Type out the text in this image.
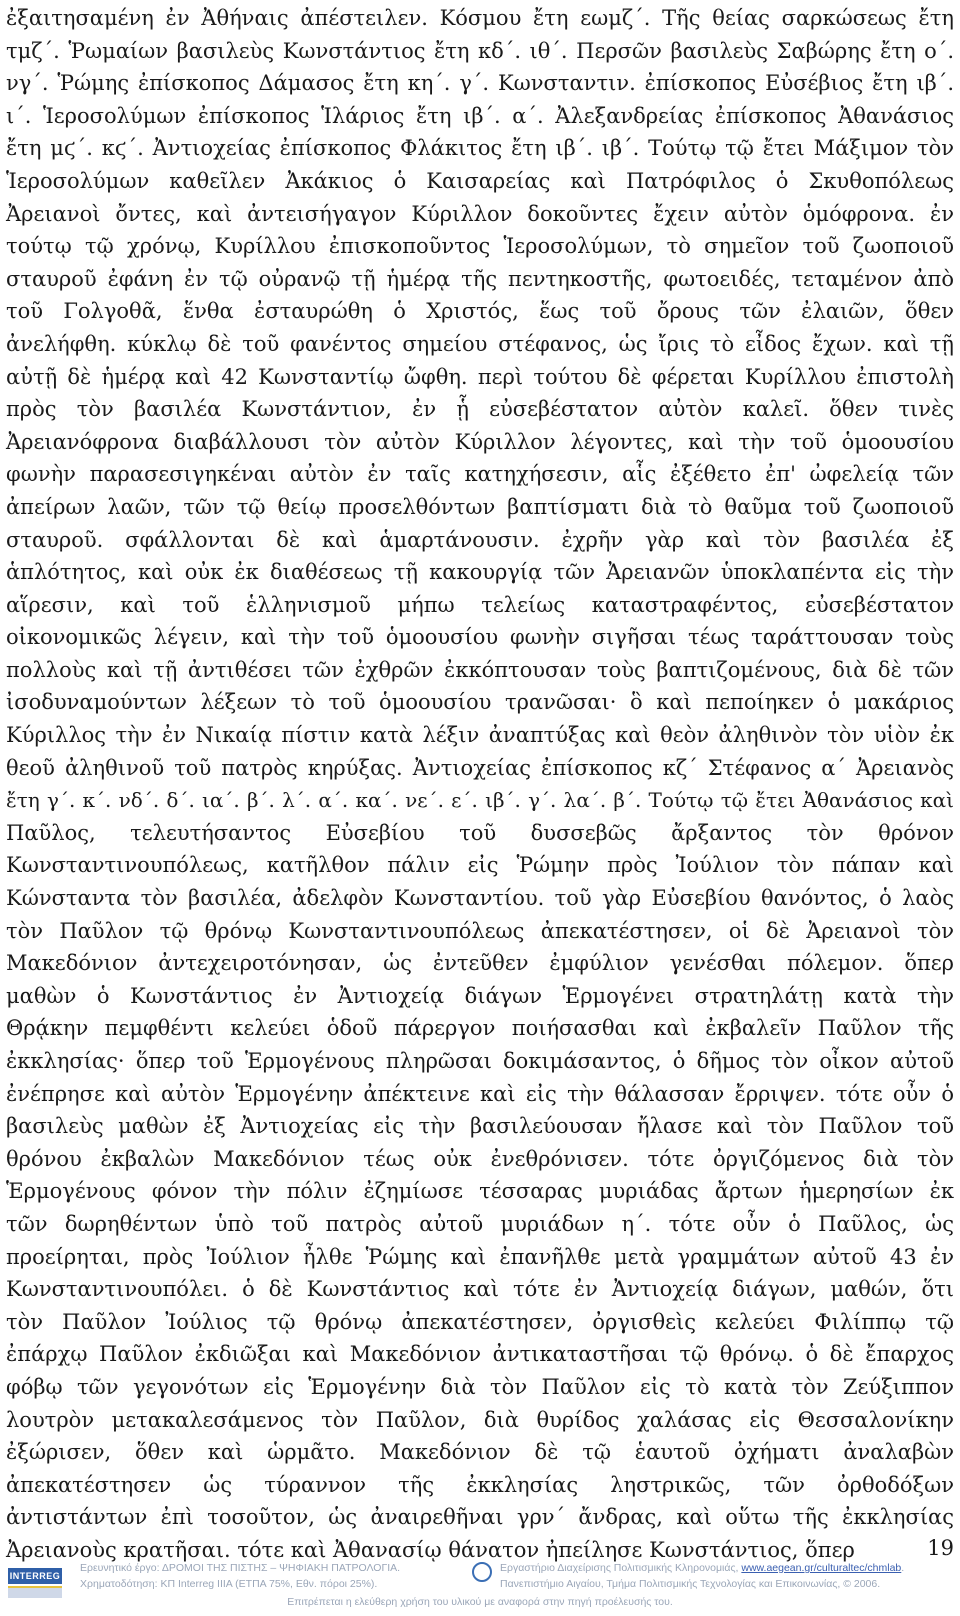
ἐξαιτησαμένη ἐν Ἀθήναις ἀπέστειλεν. Κόσμου ἔτη εωμζ΄. Τῆς θείας σαρκώσεως ἔτη
τμζ΄. Ῥωμαίων βασιλεὺς Κωνστάντιος ἔτη κδ΄. ιθ΄. Περσῶν βασιλεὺς Σαβώρης ἔτη ο΄.
νγ΄. Ῥώμης ἐπίσκοπος Δάμασος ἔτη κη΄. γ΄. Κωνσταντιν. ἐπίσκοπος Εὐσέβιος ἔτη ιβ΄.
ι΄. Ἱεροσολύμων ἐπίσκοπος Ἱλάριος ἔτη ιβ΄. α΄. Ἀλεξανδρείας ἐπίσκοπος Ἀθανάσιος
ἔτη μϛ΄. κϛ΄. Ἀντιοχείας ἐπίσκοπος Φλάκιτος ἔτη ιβ΄. ιβ΄. Τούτῳ τῷ ἔτει Μάξιμον τὸν
Ἱεροσολύμων καθεῖλεν Ἀκάκιος ὁ Καισαρείας καὶ Πατρόφιλος ὁ Σκυθοπόλεως
Ἀρειανοὶ ὄντες, καὶ ἀντεισήγαγον Κύριλλον δοκοῦντες ἔχειν αὐτὸν ὁμόφρονα. ἐν
τούτῳ τῷ χρόνῳ, Κυρίλλου ἐπισκοποῦντος Ἱεροσολύμων, τὸ σημεῖον τοῦ ζωοποιοῦ
σταυροῦ ἐφάνη ἐν τῷ οὐρανῷ τῇ ἡμέρᾳ τῆς πεντηκοστῆς, φωτοειδές, τεταμένον ἀπὸ
τοῦ Γολγοθᾶ, ἕνθα ἐσταυρώθη ὁ Χριστός, ἕως τοῦ ὄρους τῶν ἐλαιῶν, ὅθεν
ἀνελήφθη. κύκλῳ δὲ τοῦ φανέντος σημείου στέφανος, ὡς ἴρις τὸ εἶδος ἔχων. καὶ τῇ
αὐτῇ δὲ ἡμέρᾳ καὶ 42 Κωνσταντίῳ ὤφθη. περὶ τούτου δὲ φέρεται Κυρίλλου ἐπιστολὴ
πρὸς τὸν βασιλέα Κωνστάντιον, ἐν ᾗ εὐσεβέστατον αὐτὸν καλεῖ. ὅθεν τινὲς
Ἀρειανόφρονα διαβάλλουσι τὸν αὐτὸν Κύριλλον λέγοντες, καὶ τὴν τοῦ ὁμοουσίου
φωνὴν παρασεσιγηκέναι αὐτὸν ἐν ταῖς κατηχήσεσιν, αἷς ἐξέθετο ἐπ' ὠφελείᾳ τῶν
ἀπείρων λαῶν, τῶν τῷ θείῳ προσελθόντων βαπτίσματι διὰ τὸ θαῦμα τοῦ ζωοποιοῦ
σταυροῦ. σφάλλονται δὲ καὶ ἁμαρτάνουσιν. ἐχρῆν γὰρ καὶ τὸν βασιλέα ἐξ
ἁπλότητος, καὶ οὐκ ἐκ διαθέσεως τῇ κακουργίᾳ τῶν Ἀρειανῶν ὑποκλαπέντα εἰς τὴν
αἵρεσιν, καὶ τοῦ ἑλληνισμοῦ μήπω τελείως καταστραφέντος, εὐσεβέστατον
οἰκονομικῶς λέγειν, καὶ τὴν τοῦ ὁμοουσίου φωνὴν σιγῆσαι τέως ταράττουσαν τοὺς
πολλοὺς καὶ τῇ ἀντιθέσει τῶν ἐχθρῶν ἐκκόπτουσαν τοὺς βαπτιζομένους, διὰ δὲ τῶν
ἰσοδυναμούντων λέξεων τὸ τοῦ ὁμοουσίου τρανῶσαι· ὃ καὶ πεποίηκεν ὁ μακάριος
Κύριλλος τὴν ἐν Νικαίᾳ πίστιν κατὰ λέξιν ἀναπτύξας καὶ θεὸν ἀληθινὸν τὸν υἱὸν ἐκ
θεοῦ ἀληθινοῦ τοῦ πατρὸς κηρύξας. Ἀντιοχείας ἐπίσκοπος κζ΄ Στέφανος α΄ Ἀρειανὸς
ἔτη γ΄. κ΄. νδ΄. δ΄. ια΄. β΄. λ΄. α΄. κα΄. νε΄. ε΄. ιβ΄. γ΄. λα΄. β΄. Τούτῳ τῷ ἔτει Ἀθανάσιος καὶ
Παῦλος, τελευτήσαντος Εὐσεβίου τοῦ δυσσεβῶς ἄρξαντος τὸν θρόνον
Κωνσταντινουπόλεως, κατῆλθον πάλιν εἰς Ῥώμην πρὸς Ἰούλιον τὸν πάπαν καὶ
Κώνσταντα τὸν βασιλέα, ἀδελφὸν Κωνσταντίου. τοῦ γὰρ Εὐσεβίου θανόντος, ὁ λαὸς
τὸν Παῦλον τῷ θρόνῳ Κωνσταντινουπόλεως ἀπεκατέστησεν, οἱ δὲ Ἀρειανοὶ τὸν
Μακεδόνιον ἀντεχειροτόνησαν, ὡς ἐντεῦθεν ἐμφύλιον γενέσθαι πόλεμον. ὅπερ
μαθὼν ὁ Κωνστάντιος ἐν Ἀντιοχείᾳ διάγων Ἑρμογένει στρατηλάτῃ κατὰ τὴν
Θρᾴκην πεμφθέντι κελεύει ὁδοῦ πάρεργον ποιήσασθαι καὶ ἐκβαλεῖν Παῦλον τῆς
ἐκκλησίας· ὅπερ τοῦ Ἑρμογένους πληρῶσαι δοκιμάσαντος, ὁ δῆμος τὸν οἶκον αὐτοῦ
ἐνέπρησε καὶ αὐτὸν Ἑρμογένην ἀπέκτεινε καὶ εἰς τὴν θάλασσαν ἔρριψεν. τότε οὖν ὁ
βασιλεὺς μαθὼν ἐξ Ἀντιοχείας εἰς τὴν βασιλεύουσαν ἤλασε καὶ τὸν Παῦλον τοῦ
θρόνου ἐκβαλὼν Μακεδόνιον τέως οὐκ ἐνεθρόνισεν. τότε ὀργιζόμενος διὰ τὸν
Ἑρμογένους φόνον τὴν πόλιν ἐζημίωσε τέσσαρας μυριάδας ἄρτων ἡμερησίων ἐκ
τῶν δωρηθέντων ὑπὸ τοῦ πατρὸς αὐτοῦ μυριάδων η΄. τότε οὖν ὁ Παῦλος, ὡς
προείρηται, πρὸς Ἰούλιον ἦλθε Ῥώμης καὶ ἐπανῆλθε μετὰ γραμμάτων αὐτοῦ 43 ἐν
Κωνσταντινουπόλει. ὁ δὲ Κωνστάντιος καὶ τότε ἐν Ἀντιοχείᾳ διάγων, μαθών, ὅτι
τὸν Παῦλον Ἰούλιος τῷ θρόνῳ ἀπεκατέστησεν, ὀργισθεὶς κελεύει Φιλίππῳ τῷ
ἐπάρχῳ Παῦλον ἐκδιῶξαι καὶ Μακεδόνιον ἀντικαταστῆσαι τῷ θρόνῳ. ὁ δὲ ἔπαρχος
φόβῳ τῶν γεγονότων εἰς Ἑρμογένην διὰ τὸν Παῦλον εἰς τὸ κατὰ τὸν Ζεύξιππον
λουτρὸν μετακαλεσάμενος τὸν Παῦλον, διὰ θυρίδος χαλάσας εἰς Θεσσαλονίκην
ἐξώρισεν, ὅθεν καὶ ὡρμᾶτο. Μακεδόνιον δὲ τῷ ἑαυτοῦ ὀχήματι ἀναλαβὼν
ἀπεκατέστησεν ὡς τύραννον τῆς ἐκκλησίας ληστρικῶς, τῶν ὀρθοδόξων
ἀντιστάντων ἐπὶ τοσοῦτον, ὡς ἀναιρεθῆναι γρν΄ ἄνδρας, καὶ οὕτω τῆς ἐκκλησίας
Ἀρειανοὺς κρατῆσαι. τότε καὶ Ἀθανασίῳ θάνατον ἠπείλησε Κωνστάντιος, ὅπερ	19
INTERREG
Ερευνητικό έργο: ΔΡΟΜΟΙ ΤΗΣ ΠΙΣΤΗΣ – ΨΗΦΙΑΚΗ ΠΑΤΡΟΛΟΓΙΑ.
Χρηματοδότηση: ΚΠ Interreg IIIA (ΕΤΠΑ 75%, Εθν. πόροι 25%).
Εργαστήριο Διαχείρισης Πολιτισμικής Κληρονομιάς, www.aegean.gr/culturaltec/chmlab.
Πανεπιστήμιο Αιγαίου, Τμήμα Πολιτισμικής Τεχνολογίας και Επικοινωνίας, © 2006.
Επιτρέπεται η ελεύθερη χρήση του υλικού με αναφορά στην πηγή προέλευσής του.
